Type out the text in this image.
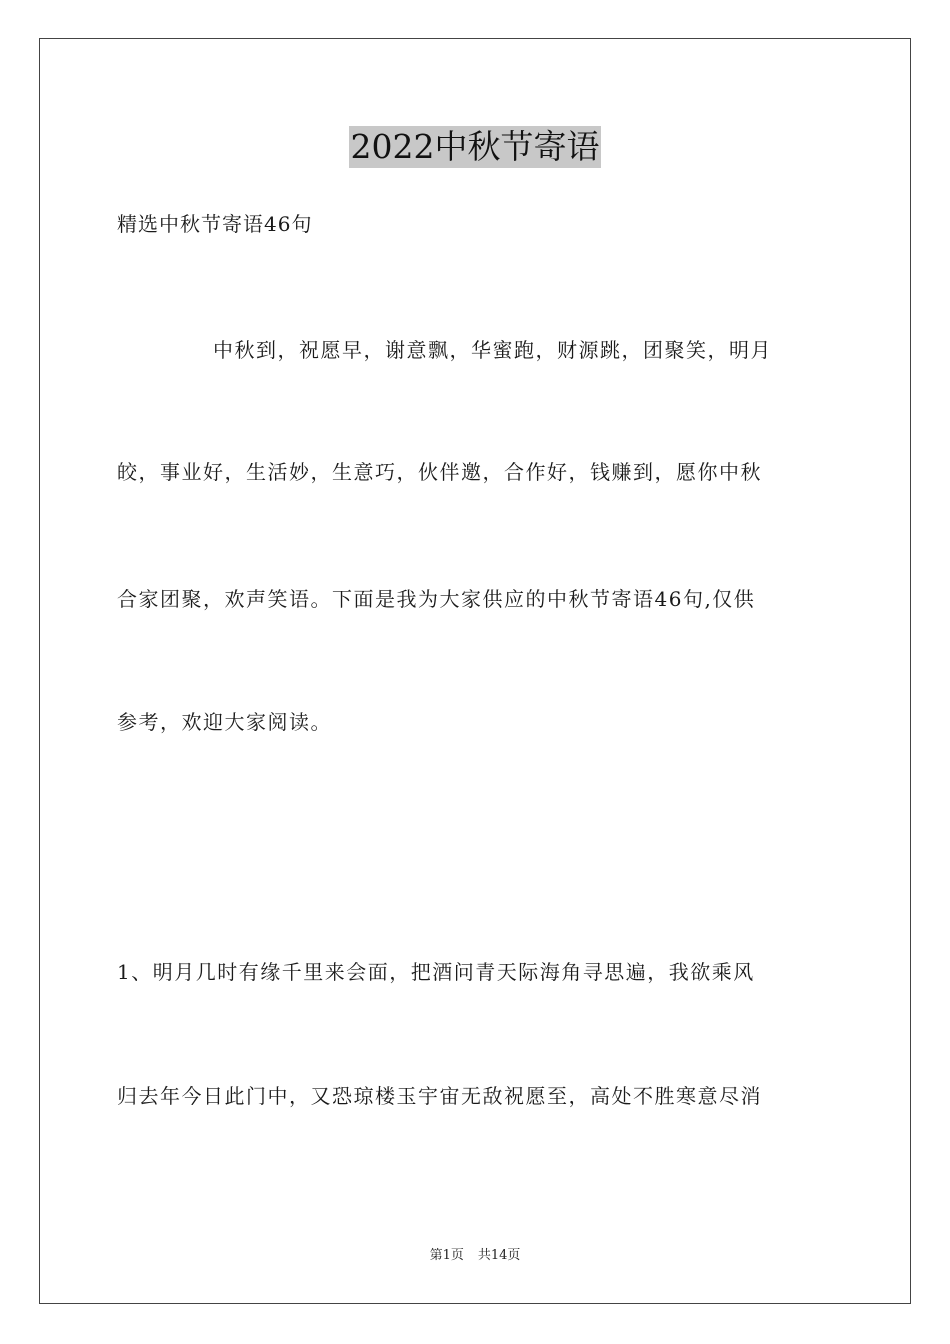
2022中秋节寄语
精选中秋节寄语46句
中秋到，祝愿早，谢意飘，华蜜跑，财源跳，团聚笑，明月
皎，事业好，生活妙，生意巧，伙伴邀，合作好，钱赚到，愿你中秋
合家团聚，欢声笑语。下面是我为大家供应的中秋节寄语46句,仅供
参考，欢迎大家阅读。
1、明月几时有缘千里来会面，把酒问青天际海角寻思遍，我欲乘风
归去年今日此门中，又恐琼楼玉宇宙无敌祝愿至，高处不胜寒意尽消
第1页 共14页
